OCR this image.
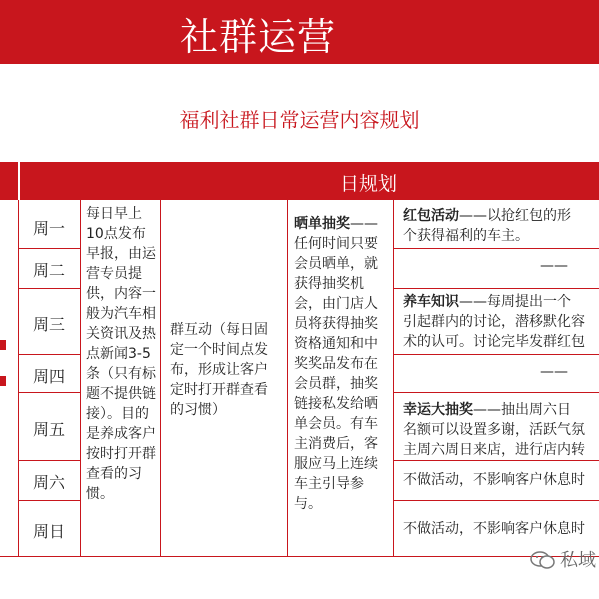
社群运营
福利社群日常运营内容规划
日规划
周一
周二
周三
周四
周五
周六
周日
每日早上10点发布早报，由运营专员提供，内容一般为汽车相关资讯及热点新闻3-5条（只有标题不提供链接）。目的是养成客户按时打开群查看的习惯。
群互动（每日固定一个时间点发布，形成让客户定时打开群查看的习惯）
晒单抽奖——任何时间只要会员晒单，就获得抽奖机会，由门店人员将获得抽奖资格通知和中奖奖品发布在会员群，抽奖链接私发给晒单会员。有车主消费后，客服应马上连续车主引导参与。
红包活动——以抢红包的形
个获得福利的车主。
——
养车知识——每周提出一个
引起群内的讨论，潜移默化容
术的认可。讨论完毕发群红包
——
幸运大抽奖——抽出周六日
名额可以设置多谢，活跃气氛
主周六周日来店，进行店内转
不做活动，不影响客户休息时
不做活动，不影响客户休息时
私域
